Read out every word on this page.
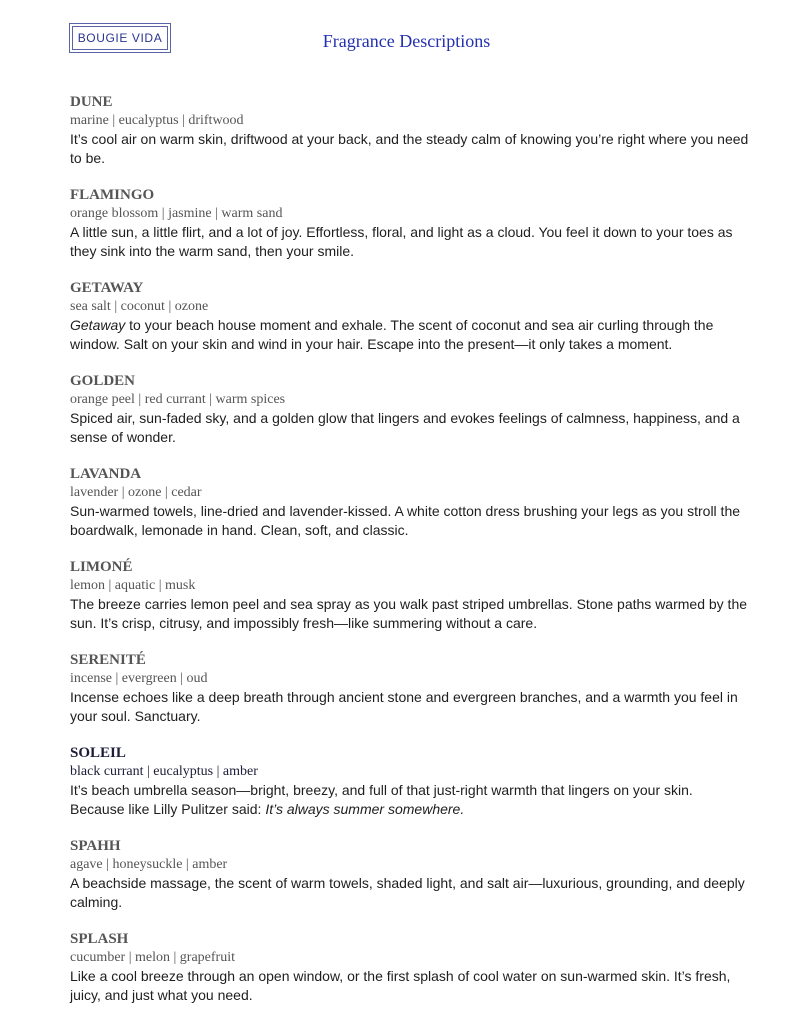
BOUGIE VIDA	Fragrance Descriptions
DUNE
marine | eucalyptus | driftwood
It’s cool air on warm skin, driftwood at your back, and the steady calm of knowing you’re right where you need to be.
FLAMINGO
orange blossom | jasmine | warm sand
A little sun, a little flirt, and a lot of joy. Effortless, floral, and light as a cloud. You feel it down to your toes as they sink into the warm sand, then your smile.
GETAWAY
sea salt | coconut | ozone
Getaway to your beach house moment and exhale. The scent of coconut and sea air curling through the window. Salt on your skin and wind in your hair. Escape into the present—it only takes a moment.
GOLDEN
orange peel | red currant | warm spices
Spiced air, sun-faded sky, and a golden glow that lingers and evokes feelings of calmness, happiness, and a sense of wonder.
LAVANDA
lavender | ozone | cedar
Sun-warmed towels, line-dried and lavender-kissed. A white cotton dress brushing your legs as you stroll the boardwalk, lemonade in hand. Clean, soft, and classic.
LIMONÉ
lemon | aquatic | musk
The breeze carries lemon peel and sea spray as you walk past striped umbrellas. Stone paths warmed by the sun. It’s crisp, citrusy, and impossibly fresh—like summering without a care.
SERENITÉ
incense | evergreen | oud
Incense echoes like a deep breath through ancient stone and evergreen branches, and a warmth you feel in your soul. Sanctuary.
SOLEIL
black currant | eucalyptus | amber
It’s beach umbrella season—bright, breezy, and full of that just-right warmth that lingers on your skin. Because like Lilly Pulitzer said: It’s always summer somewhere.
SPAHH
agave | honeysuckle | amber
A beachside massage, the scent of warm towels, shaded light, and salt air—luxurious, grounding, and deeply calming.
SPLASH
cucumber | melon | grapefruit
Like a cool breeze through an open window, or the first splash of cool water on sun-warmed skin. It’s fresh, juicy, and just what you need.
